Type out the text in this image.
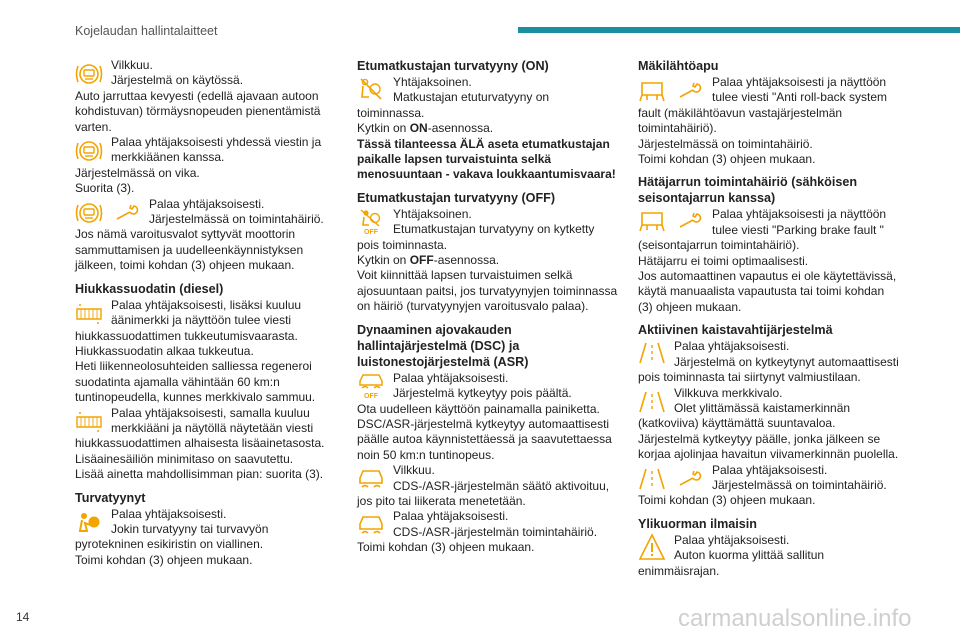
Kojelaudan hallintalaitteet
Vilkkuu.
Järjestelmä on käytössä.
Auto jarruttaa kevyesti (edellä ajavaan autoon kohdistuvan) törmäysnopeuden pienentämistä varten.
Palaa yhtäjaksoisesti yhdessä viestin ja merkkiäänen kanssa.
Järjestelmässä on vika.
Suorita (3).
Palaa yhtäjaksoisesti.
Järjestelmässä on toimintahäiriö.
Jos nämä varoitusvalot syttyvät moottorin sammuttamisen ja uudelleenkäynnistyksen jälkeen, toimi kohdan (3) ohjeen mukaan.
Hiukkassuodatin (diesel)
Palaa yhtäjaksoisesti, lisäksi kuuluu äänimerkki ja näyttöön tulee viesti
hiukkassuodattimen tukkeutumisvaarasta.
Hiukkassuodatin alkaa tukkeutua.
Heti liikenneolosuhteiden salliessa regeneroi suodatinta ajamalla vähintään 60 km:n tuntinopeudella, kunnes merkkivalo sammuu.
Palaa yhtäjaksoisesti, samalla kuuluu merkkiääni ja näytöllä näytetään viesti
hiukkassuodattimen alhaisesta lisäainetasosta.
Lisäainesäiliön minimitaso on saavutettu.
Lisää ainetta mahdollisimman pian: suorita (3).
Turvatyynyt
Palaa yhtäjaksoisesti.
Jokin turvatyyny tai turvavyön
pyrotekninen esikiristin on viallinen.
Toimi kohdan (3) ohjeen mukaan.
Etumatkustajan turvatyyny (ON)
Yhtäjaksoinen.
Matkustajan etuturvatyyny on
toiminnassa.
Kytkin on ON-asennossa.
Tässä tilanteessa ÄLÄ aseta etumatkustajan paikalle lapsen turvaistuinta selkä menosuuntaan - vakava loukkaantumisvaara!
Etumatkustajan turvatyyny (OFF)
Yhtäjaksoinen.
Etumatkustajan turvatyyny on kytketty
pois toiminnasta.
Kytkin on OFF-asennossa.
Voit kiinnittää lapsen turvaistuimen selkä ajosuuntaan paitsi, jos turvatyynyjen toiminnassa on häiriö (turvatyynyjen varoitusvalo palaa).
Dynaaminen ajovakauden hallintajärjestelmä (DSC) ja luistonestojärjestelmä (ASR)
Palaa yhtäjaksoisesti.
Järjestelmä kytkeytyy pois päältä.
Ota uudelleen käyttöön painamalla painiketta.
DSC/ASR-järjestelmä kytkeytyy automaattisesti päälle autoa käynnistettäessä ja saavutettaessa noin 50 km:n tuntinopeus.
Vilkkuu.
CDS-/ASR-järjestelmän säätö aktivoituu,
jos pito tai liikerata menetetään.
Palaa yhtäjaksoisesti.
CDS-/ASR-järjestelmän toimintahäiriö.
Toimi kohdan (3) ohjeen mukaan.
Mäkilähtöapu
Palaa yhtäjaksoisesti ja näyttöön tulee viesti "Anti roll-back system
fault (mäkilähtöavun vastajärjestelmän toimintahäiriö).
Järjestelmässä on toimintahäiriö.
Toimi kohdan (3) ohjeen mukaan.
Hätäjarrun toimintahäiriö (sähköisen seisontajarrun kanssa)
Palaa yhtäjaksoisesti ja näyttöön tulee viesti "Parking brake fault "
(seisontajarrun toimintahäiriö).
Hätäjarru ei toimi optimaalisesti.
Jos automaattinen vapautus ei ole käytettävissä, käytä manuaalista vapautusta tai toimi kohdan (3) ohjeen mukaan.
Aktiivinen kaistavahtijärjestelmä
Palaa yhtäjaksoisesti.
Järjestelmä on kytkeytynyt automaattisesti
pois toiminnasta tai siirtynyt valmiustilaan.
Vilkkuva merkkivalo.
Olet ylittämässä kaistamerkinnän
(katkoviiva) käyttämättä suuntavaloa.
Järjestelmä kytkeytyy päälle, jonka jälkeen se korjaa ajolinjaa havaitun viivamerkinnän puolella.
Palaa yhtäjaksoisesti.
Järjestelmässä on toimintahäiriö.
Toimi kohdan (3) ohjeen mukaan.
Ylikuorman ilmaisin
Palaa yhtäjaksoisesti.
Auton kuorma ylittää sallitun
enimmäisrajan.
14	carmanualsonline.info
